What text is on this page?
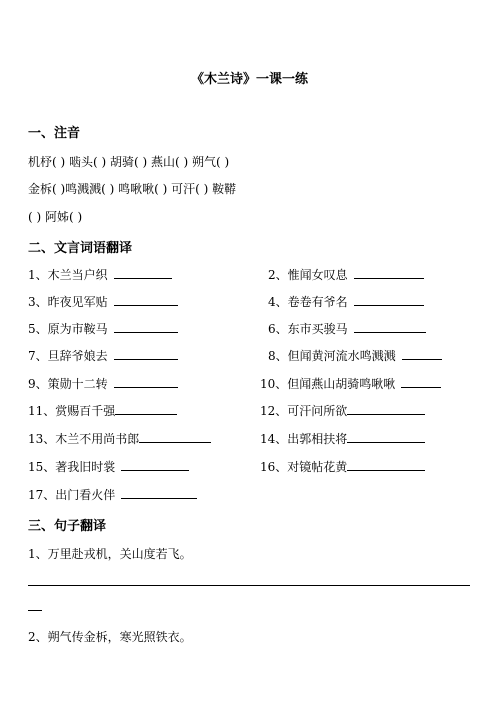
《木兰诗》一课一练
一、注音
机杼( ) 啮头( ) 胡骑( ) 燕山( ) 朔气( )
金柝( )鸣溅溅( ) 鸣啾啾( ) 可汗( ) 鞍鞯
( ) 阿姊( )
二、文言词语翻译
1、木兰当户织	2、惟闻女叹息
3、昨夜见军贴	4、卷卷有爷名
5、原为市鞍马	6、东市买骏马
7、旦辞爷娘去	8、但闻黄河流水鸣溅溅
9、策勋十二转	10、但闻燕山胡骑鸣啾啾
11、赏赐百千强	12、可汗问所欲
13、木兰不用尚书郎	14、出郭相扶将
15、著我旧时裳	16、对镜帖花黄
17、出门看火伴
三、句子翻译
1、万里赴戎机，关山度若飞。
2、朔气传金柝，寒光照铁衣。
